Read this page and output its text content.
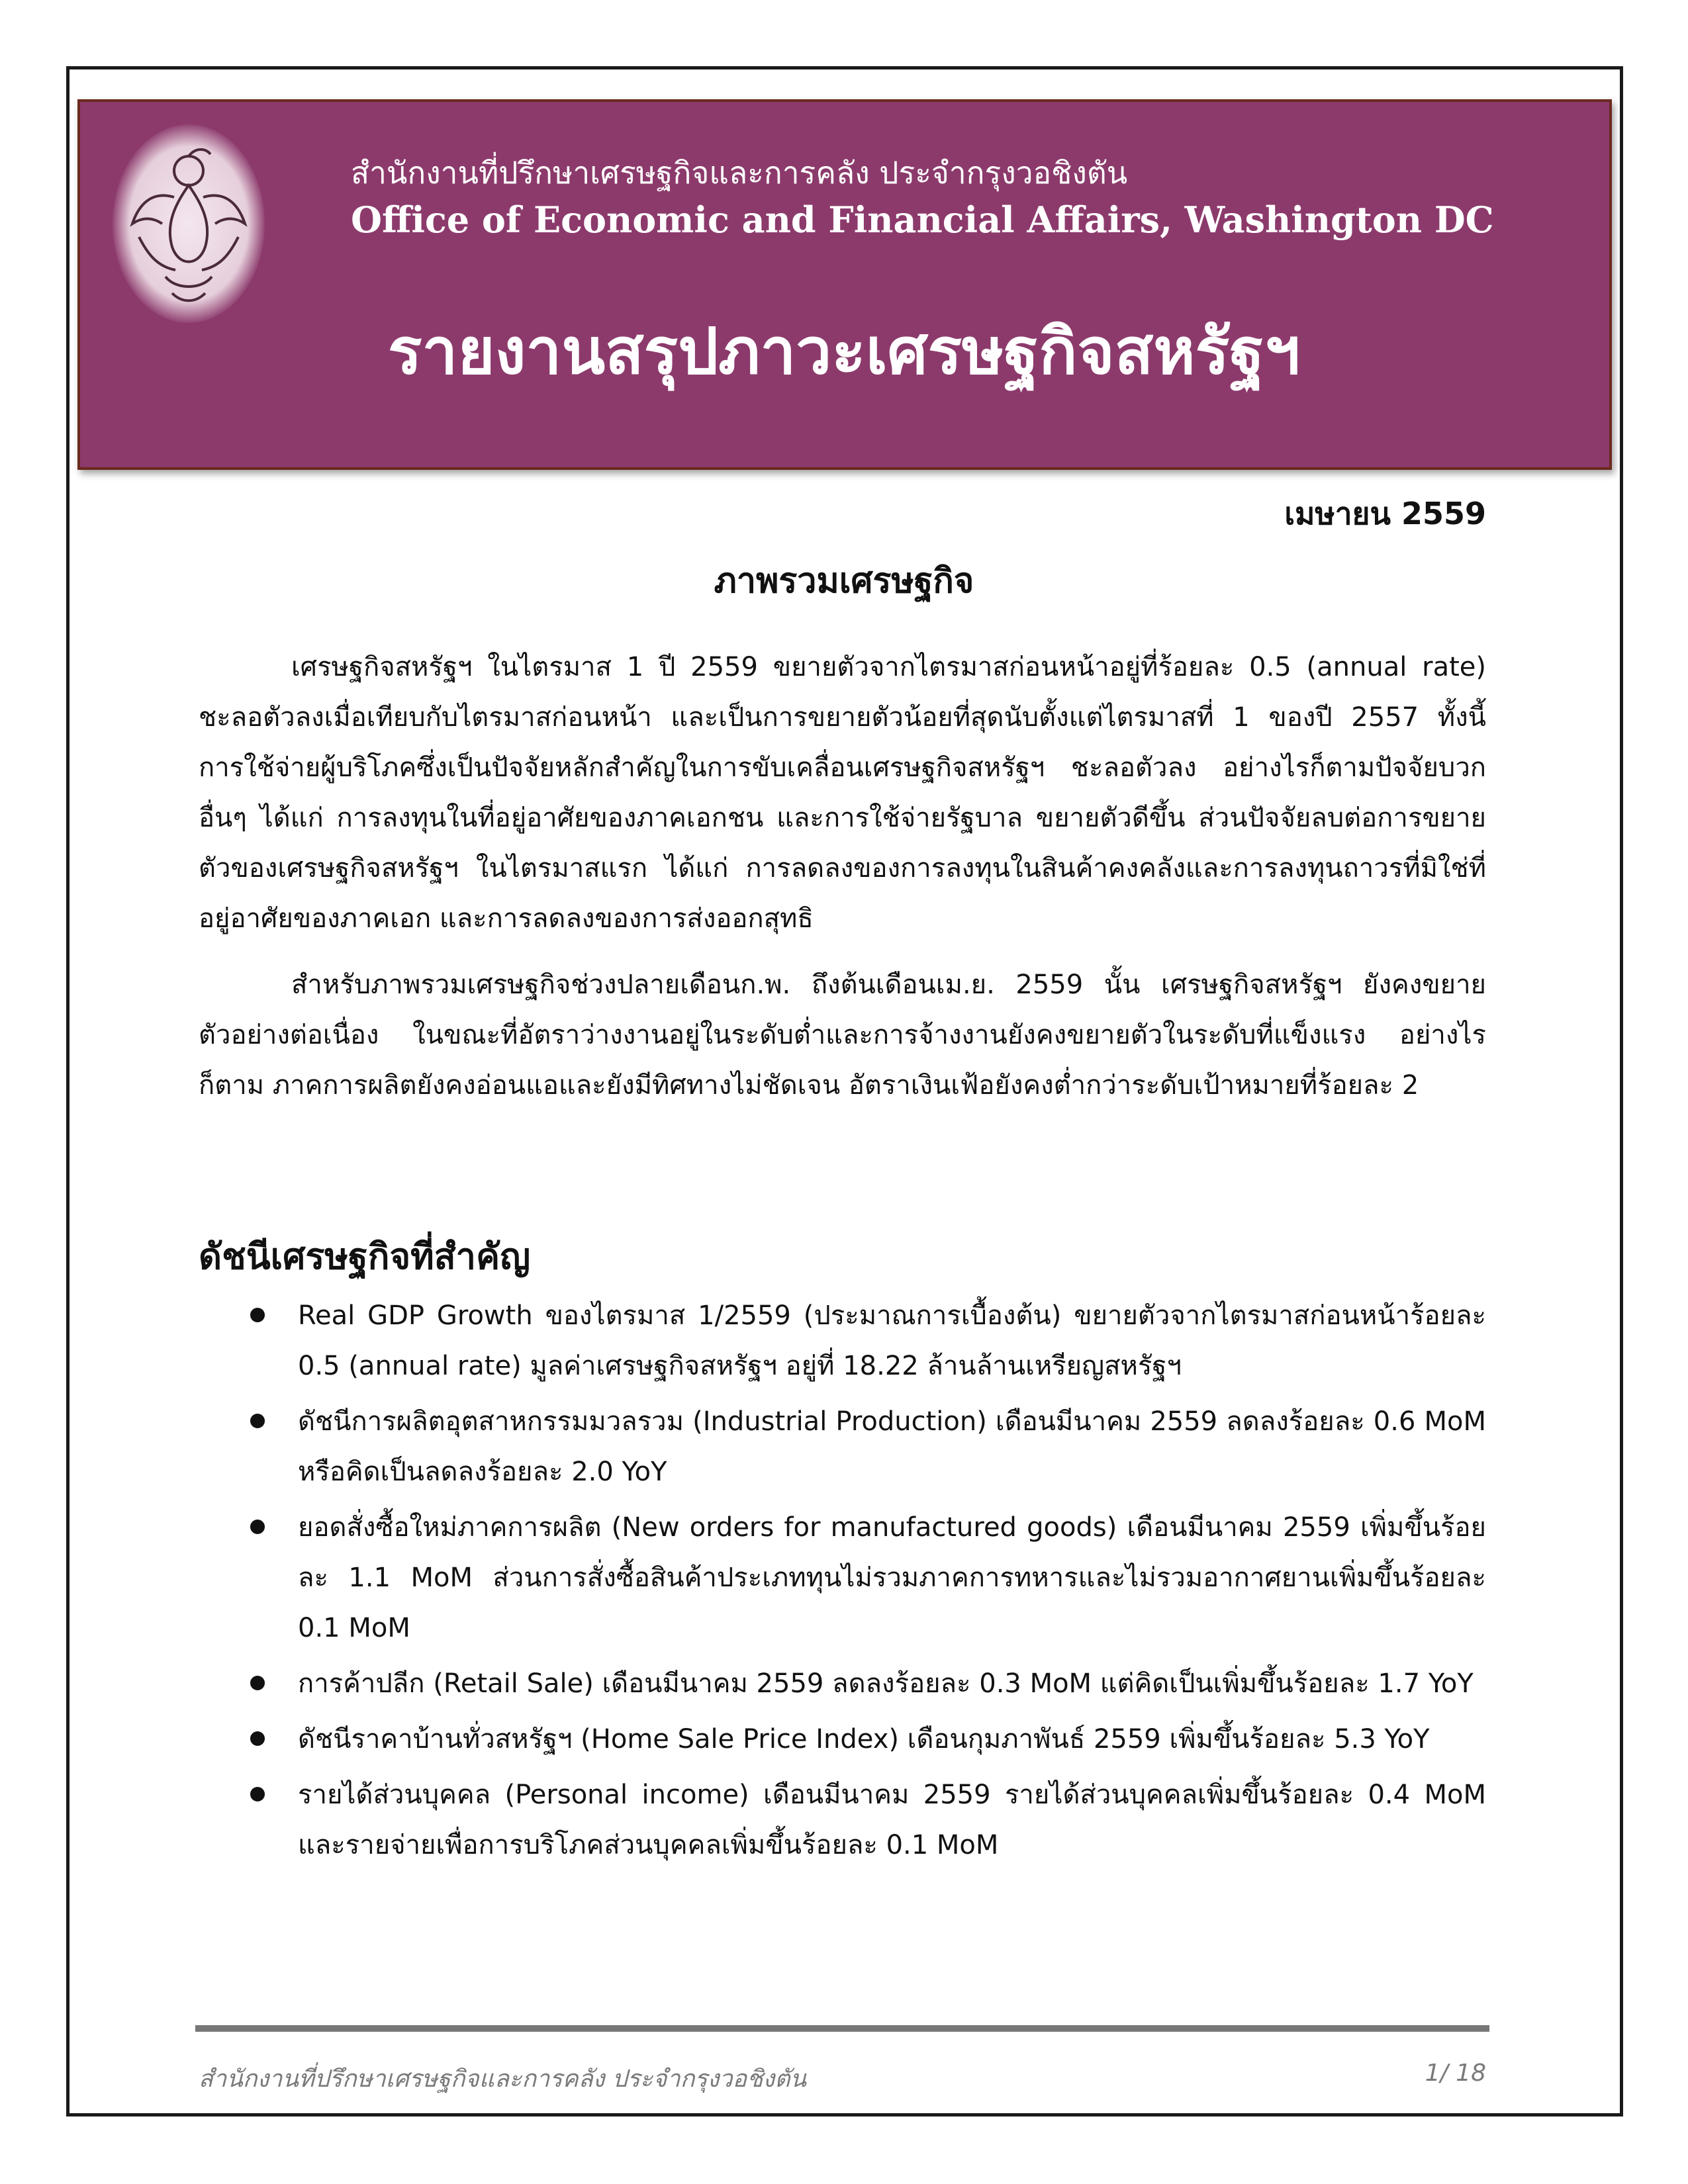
สำนักงานที่ปรึกษาเศรษฐกิจและการคลัง ประจำกรุงวอชิงตัน
Office of Economic and Financial Affairs, Washington DC
รายงานสรุปภาวะเศรษฐกิจสหรัฐฯ
เมษายน 2559
ภาพรวมเศรษฐกิจ

เศรษฐกิจสหรัฐฯ ในไตรมาส 1 ปี 2559 ขยายตัวจากไตรมาสก่อนหน้าอยู่ที่ร้อยละ 0.5 (annual rate) ชะลอตัวลงเมื่อเทียบกับไตรมาสก่อนหน้า และเป็นการขยายตัวน้อยที่สุดนับตั้งแต่ไตรมาสที่ 1 ของปี 2557 ทั้งนี้ การใช้จ่ายผู้บริโภคซึ่งเป็นปัจจัยหลักสำคัญในการขับเคลื่อนเศรษฐกิจสหรัฐฯ ชะลอตัวลง อย่างไรก็ตามปัจจัยบวกอื่นๆ ได้แก่ การลงทุนในที่อยู่อาศัยของภาคเอกชน และการใช้จ่ายรัฐบาล ขยายตัวดีขึ้น ส่วนปัจจัยลบต่อการขยายตัวของเศรษฐกิจสหรัฐฯ ในไตรมาสแรก ได้แก่ การลดลงของการลงทุนในสินค้าคงคลังและการลงทุนถาวรที่มิใช่ที่อยู่อาศัยของภาคเอก และการลดลงของการส่งออกสุทธิ

สำหรับภาพรวมเศรษฐกิจช่วงปลายเดือนก.พ. ถึงต้นเดือนเม.ย. 2559 นั้น เศรษฐกิจสหรัฐฯ ยังคงขยายตัวอย่างต่อเนื่อง ในขณะที่อัตราว่างงานอยู่ในระดับต่ำและการจ้างงานยังคงขยายตัวในระดับที่แข็งแรง อย่างไรก็ตาม ภาคการผลิตยังคงอ่อนแอและยังมีทิศทางไม่ชัดเจน อัตราเงินเฟ้อยังคงต่ำกว่าระดับเป้าหมายที่ร้อยละ 2

ดัชนีเศรษฐกิจที่สำคัญ
Real GDP Growth ของไตรมาส 1/2559 (ประมาณการเบื้องต้น) ขยายตัวจากไตรมาสก่อนหน้าร้อยละ 0.5 (annual rate) มูลค่าเศรษฐกิจสหรัฐฯ อยู่ที่ 18.22 ล้านล้านเหรียญสหรัฐฯ
ดัชนีการผลิตอุตสาหกรรมมวลรวม (Industrial Production) เดือนมีนาคม 2559 ลดลงร้อยละ 0.6 MoM หรือคิดเป็นลดลงร้อยละ 2.0 YoY
ยอดสั่งซื้อใหม่ภาคการผลิต (New orders for manufactured goods) เดือนมีนาคม 2559 เพิ่มขึ้นร้อยละ 1.1 MoM ส่วนการสั่งซื้อสินค้าประเภททุนไม่รวมภาคการทหารและไม่รวมอากาศยานเพิ่มขึ้นร้อยละ 0.1 MoM
การค้าปลีก (Retail Sale) เดือนมีนาคม 2559 ลดลงร้อยละ 0.3 MoM แต่คิดเป็นเพิ่มขึ้นร้อยละ 1.7 YoY
ดัชนีราคาบ้านทั่วสหรัฐฯ (Home Sale Price Index) เดือนกุมภาพันธ์ 2559 เพิ่มขึ้นร้อยละ 5.3 YoY
รายได้ส่วนบุคคล (Personal income) เดือนมีนาคม 2559 รายได้ส่วนบุคคลเพิ่มขึ้นร้อยละ 0.4 MoM และรายจ่ายเพื่อการบริโภคส่วนบุคคลเพิ่มขึ้นร้อยละ 0.1 MoM
สำนักงานที่ปรึกษาเศรษฐกิจและการคลัง ประจำกรุงวอชิงตัน	1/ 18
